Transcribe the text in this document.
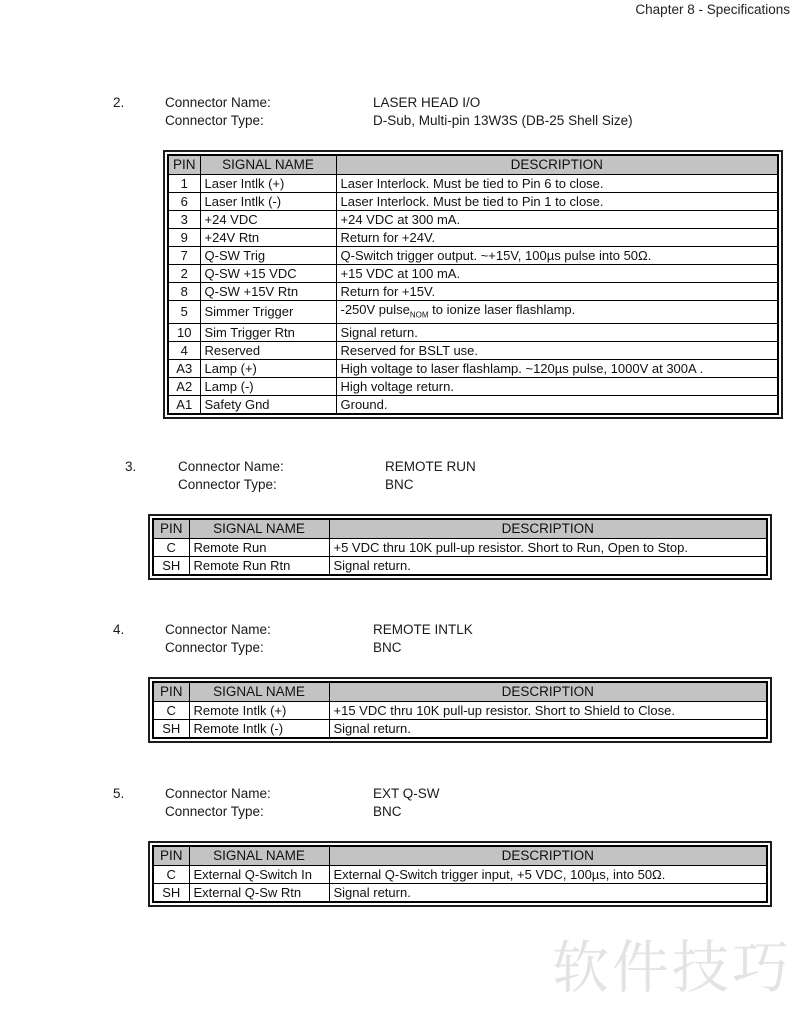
Chapter 8 - Specifications
2.	Connector Name:	LASER HEAD I/O
Connector Type:	D-Sub, Multi-pin 13W3S (DB-25 Shell Size)
PIN	SIGNAL NAME	DESCRIPTION
1	Laser Intlk (+)	Laser Interlock. Must be tied to Pin 6 to close.
6	Laser Intlk (-)	Laser Interlock. Must be tied to Pin 1 to close.
3	+24 VDC	+24 VDC at 300 mA.
9	+24V Rtn	Return for +24V.
7	Q-SW Trig	Q-Switch trigger output. ~+15V, 100µs pulse into 50Ω.
2	Q-SW +15 VDC	+15 VDC at 100 mA.
8	Q-SW +15V Rtn	Return for +15V.
5	Simmer Trigger	-250V pulse$_{NOM}$ to ionize laser flashlamp.
10	Sim Trigger Rtn	Signal return.
4	Reserved	Reserved for BSLT use.
A3	Lamp (+)	High voltage to laser flashlamp. ~120µs pulse, 1000V at 300A .
A2	Lamp (-)	High voltage return.
A1	Safety Gnd	Ground.
3.	Connector Name:	REMOTE RUN
Connector Type:	BNC
PIN	SIGNAL NAME	DESCRIPTION
C	Remote Run	+5 VDC thru 10K pull-up resistor. Short to Run, Open to Stop.
SH	Remote Run Rtn	Signal return.
4.	Connector Name:	REMOTE INTLK
Connector Type:	BNC
PIN	SIGNAL NAME	DESCRIPTION
C	Remote Intlk (+)	+15 VDC thru 10K pull-up resistor. Short to Shield to Close.
SH	Remote Intlk (-)	Signal return.
5.	Connector Name:	EXT Q-SW
Connector Type:	BNC
PIN	SIGNAL NAME	DESCRIPTION
C	External Q-Switch In	External Q-Switch trigger input, +5 VDC, 100µs, into 50Ω.
SH	External Q-Sw Rtn	Signal return.
软件技巧
